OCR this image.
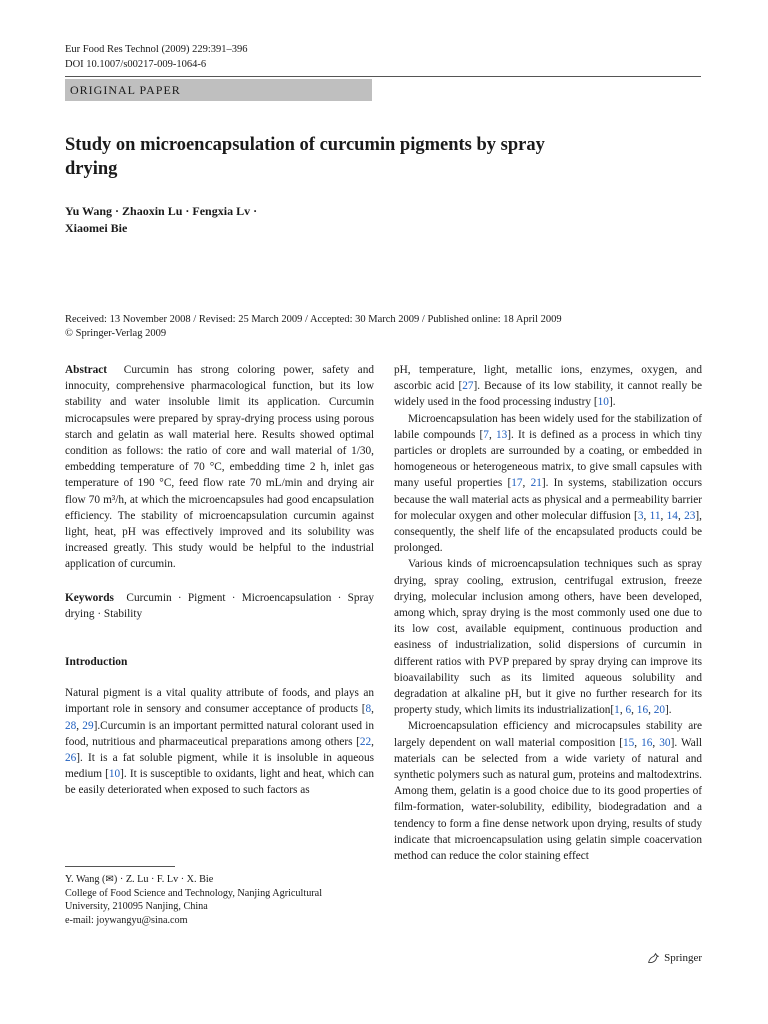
Eur Food Res Technol (2009) 229:391–396
DOI 10.1007/s00217-009-1064-6
ORIGINAL PAPER
Study on microencapsulation of curcumin pigments by spray
drying
Yu Wang · Zhaoxin Lu · Fengxia Lv ·
Xiaomei Bie
Received: 13 November 2008 / Revised: 25 March 2009 / Accepted: 30 March 2009 / Published online: 18 April 2009
© Springer-Verlag 2009

Abstract Curcumin has strong coloring power, safety and innocuity, comprehensive pharmacological function, but its low stability and water insoluble limit its application. Curcumin microcapsules were prepared by spray-drying process using porous starch and gelatin as wall material here. Results showed optimal condition as follows: the ratio of core and wall material of 1/30, embedding temperature of 70 °C, embedding time 2 h, inlet gas temperature of 190 °C, feed flow rate 70 mL/min and drying air flow 70 m³/h, at which the microencapsules had good encapsulation efficiency. The stability of microencapsulation curcumin against light, heat, pH was effectively improved and its solubility was increased greatly. This study would be helpful to the industrial application of curcumin.

Keywords Curcumin · Pigment · Microencapsulation · Spray drying · Stability

Introduction

Natural pigment is a vital quality attribute of foods, and plays an important role in sensory and consumer acceptance of products [8, 28, 29].Curcumin is an important permitted natural colorant used in food, nutritious and pharmaceutical preparations among others [22, 26]. It is a fat soluble pigment, while it is insoluble in aqueous medium [10]. It is susceptible to oxidants, light and heat, which can be easily deteriorated when exposed to such factors as

Y. Wang (✉) · Z. Lu · F. Lv · X. Bie
College of Food Science and Technology, Nanjing Agricultural University, 210095 Nanjing, China
e-mail: joywangyu@sina.com

pH, temperature, light, metallic ions, enzymes, oxygen, and ascorbic acid [27]. Because of its low stability, it cannot really be widely used in the food processing industry [10].

Microencapsulation has been widely used for the stabilization of labile compounds [7, 13]. It is defined as a process in which tiny particles or droplets are surrounded by a coating, or embedded in homogeneous or heterogeneous matrix, to give small capsules with many useful properties [17, 21]. In systems, stabilization occurs because the wall material acts as physical and a permeability barrier for molecular oxygen and other molecular diffusion [3, 11, 14, 23], consequently, the shelf life of the encapsulated products could be prolonged.

Various kinds of microencapsulation techniques such as spray drying, spray cooling, extrusion, centrifugal extrusion, freeze drying, molecular inclusion among others, have been developed, among which, spray drying is the most commonly used one due to its low cost, available equipment, continuous production and easiness of industrialization, solid dispersions of curcumin in different ratios with PVP prepared by spray drying can improve its bioavailability such as its limited aqueous solubility and degradation at alkaline pH, but it give no further research for its property study, which limits its industrialization[1, 6, 16, 20].

Microencapsulation efficiency and microcapsules stability are largely dependent on wall material composition [15, 16, 30]. Wall materials can be selected from a wide variety of natural and synthetic polymers such as natural gum, proteins and maltodextrins. Among them, gelatin is a good choice due to its good properties of film-formation, water-solubility, edibility, biodegradation and a tendency to form a fine dense network upon drying, results of study indicate that microencapsulation using gelatin simple coacervation method can reduce the color staining effect

Springer
